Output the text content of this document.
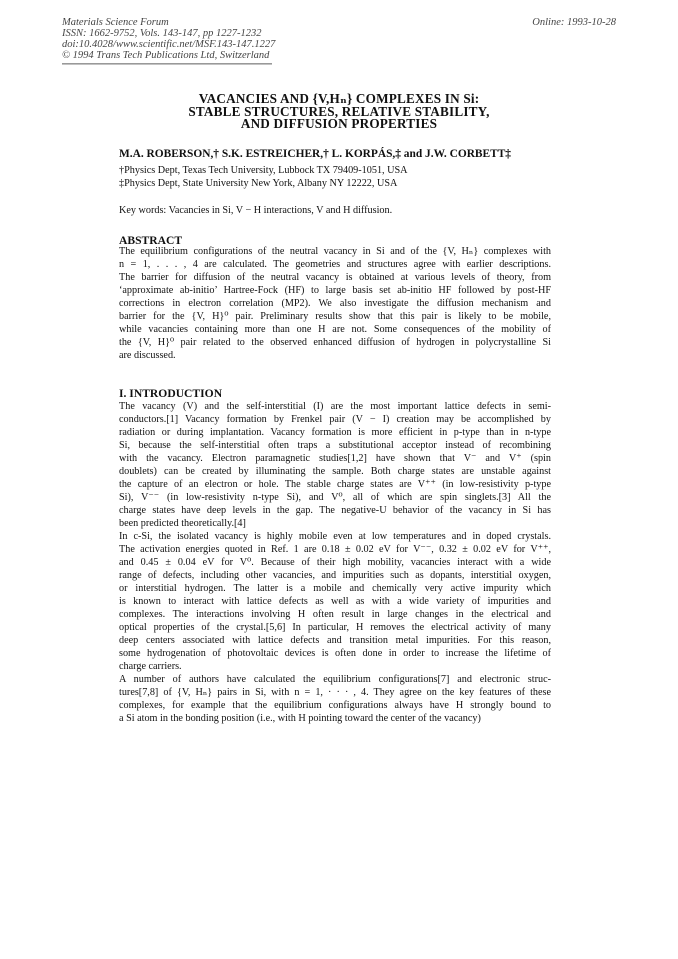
Materials Science Forum
ISSN: 1662-9752, Vols. 143-147, pp 1227-1232
doi:10.4028/www.scientific.net/MSF.143-147.1227
© 1994 Trans Tech Publications Ltd, Switzerland
Online: 1993-10-28
VACANCIES AND {V,Hₙ} COMPLEXES IN Si:
STABLE STRUCTURES, RELATIVE STABILITY,
AND DIFFUSION PROPERTIES
M.A. ROBERSON,† S.K. ESTREICHER,† L. KORPÁS,‡ and J.W. CORBETT‡
†Physics Dept, Texas Tech University, Lubbock TX 79409-1051, USA
‡Physics Dept, State University New York, Albany NY 12222, USA
Key words: Vacancies in Si, V − H interactions, V and H diffusion.
ABSTRACT
The equilibrium configurations of the neutral vacancy in Si and of the {V, Hₙ} complexes with
n = 1, . . . , 4 are calculated. The geometries and structures agree with earlier descriptions.
The barrier for diffusion of the neutral vacancy is obtained at various levels of theory, from
‘approximate ab-initio’ Hartree-Fock (HF) to large basis set ab-initio HF followed by post-HF
corrections in electron correlation (MP2). We also investigate the diffusion mechanism and
barrier for the {V, H}⁰ pair. Preliminary results show that this pair is likely to be mobile,
while vacancies containing more than one H are not. Some consequences of the mobility of
the {V, H}⁰ pair related to the observed enhanced diffusion of hydrogen in polycrystalline Si
are discussed.
I. INTRODUCTION
The vacancy (V) and the self-interstitial (I) are the most important lattice defects in semi-
conductors.[1] Vacancy formation by Frenkel pair (V − I) creation may be accomplished by
radiation or during implantation. Vacancy formation is more efficient in p-type than in n-type
Si, because the self-interstitial often traps a substitutional acceptor instead of recombining
with the vacancy. Electron paramagnetic studies[1,2] have shown that V⁻ and V⁺ (spin
doublets) can be created by illuminating the sample. Both charge states are unstable against
the capture of an electron or hole. The stable charge states are V⁺⁺ (in low-resistivity p-type
Si), V⁻⁻ (in low-resistivity n-type Si), and V⁰, all of which are spin singlets.[3] All the
charge states have deep levels in the gap. The negative-U behavior of the vacancy in Si has
been predicted theoretically.[4]
In c-Si, the isolated vacancy is highly mobile even at low temperatures and in doped crystals.
The activation energies quoted in Ref. 1 are 0.18 ± 0.02 eV for V⁻⁻, 0.32 ± 0.02 eV for V⁺⁺,
and 0.45 ± 0.04 eV for V⁰. Because of their high mobility, vacancies interact with a wide
range of defects, including other vacancies, and impurities such as dopants, interstitial oxygen,
or interstitial hydrogen. The latter is a mobile and chemically very active impurity which
is known to interact with lattice defects as well as with a wide variety of impurities and
complexes. The interactions involving H often result in large changes in the electrical and
optical properties of the crystal.[5,6] In particular, H removes the electrical activity of many
deep centers associated with lattice defects and transition metal impurities. For this reason,
some hydrogenation of photovoltaic devices is often done in order to increase the lifetime of
charge carriers.
A number of authors have calculated the equilibrium configurations[7] and electronic struc-
tures[7,8] of {V, Hₙ} pairs in Si, with n = 1, · · · , 4. They agree on the key features of these
complexes, for example that the equilibrium configurations always have H strongly bound to
a Si atom in the bonding position (i.e., with H pointing toward the center of the vacancy)
